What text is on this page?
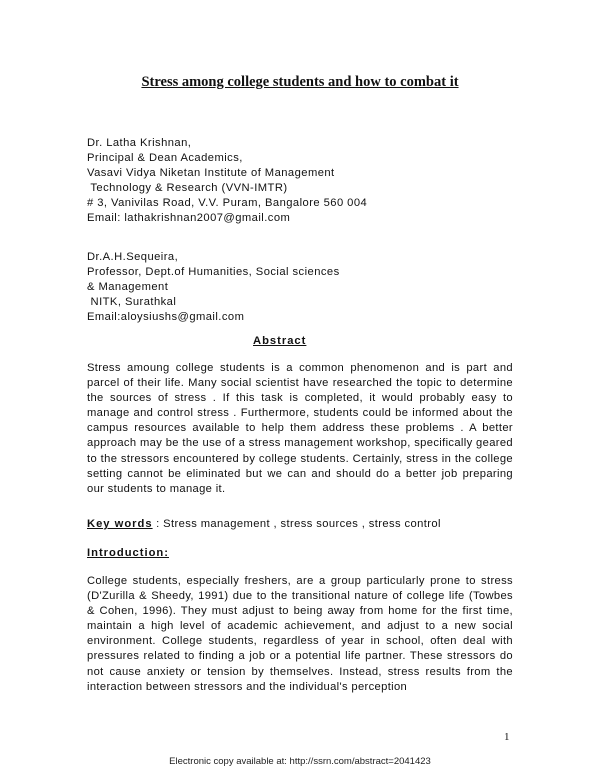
Stress among college students and how to combat it
Dr. Latha Krishnan,
Principal & Dean Academics,
Vasavi Vidya Niketan Institute of Management
Technology & Research (VVN-IMTR)
# 3, Vanivilas Road, V.V. Puram, Bangalore 560 004
Email: lathakrishnan2007@gmail.com
Dr.A.H.Sequeira,
Professor, Dept.of Humanities, Social sciences
& Management
NITK, Surathkal
Email:aloysiushs@gmail.com
Abstract

Stress amoung college students is a common phenomenon and is part and parcel of their life. Many social scientist have researched the topic to determine the sources of stress . If this task is completed, it would probably easy to manage and control stress . Furthermore, students could be informed about the campus resources available to help them address these problems . A better approach may be the use of a stress management workshop, specifically geared to the stressors encountered by college students. Certainly, stress in the college setting cannot be eliminated but we can and should do a better job preparing our students to manage it.

Key words : Stress management , stress sources , stress control

Introduction:

College students, especially freshers, are a group particularly prone to stress (D'Zurilla & Sheedy, 1991) due to the transitional nature of college life (Towbes & Cohen, 1996). They must adjust to being away from home for the first time, maintain a high level of academic achievement, and adjust to a new social environment. College students, regardless of year in school, often deal with pressures related to finding a job or a potential life partner. These stressors do not cause anxiety or tension by themselves. Instead, stress results from the interaction between stressors and the individual's perception

1
Electronic copy available at: http://ssrn.com/abstract=2041423
